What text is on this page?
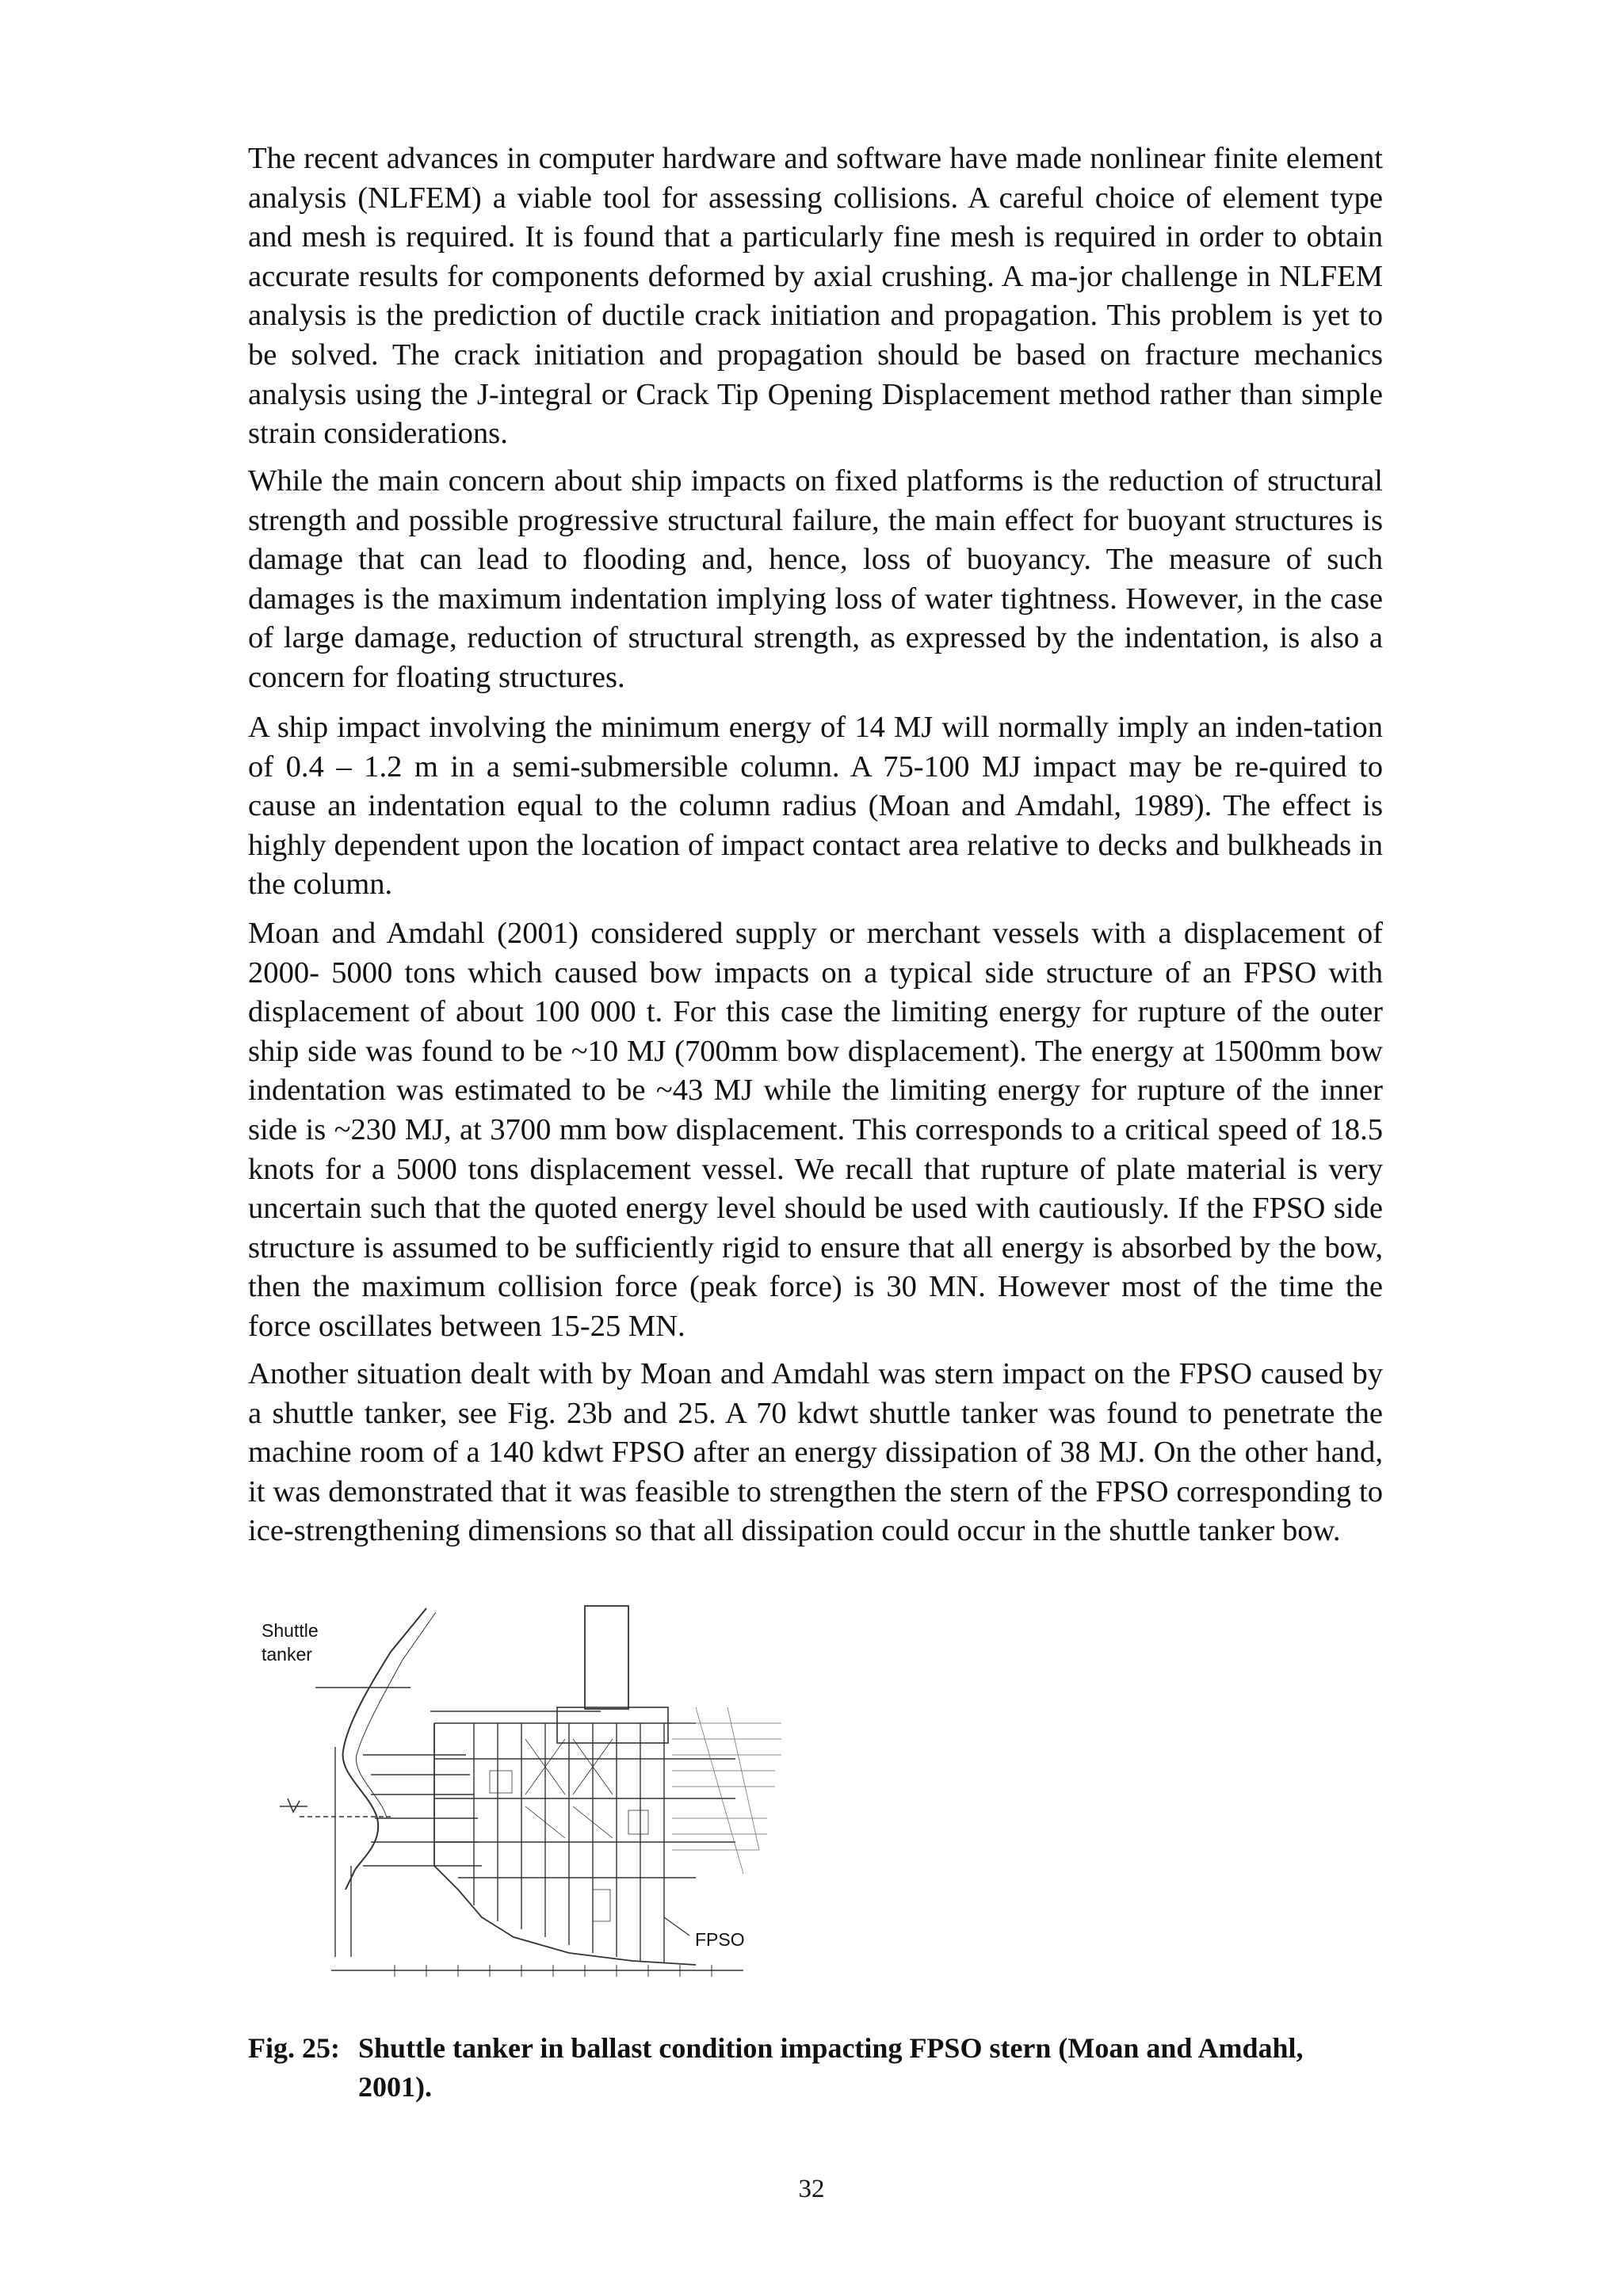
The recent advances in computer hardware and software have made nonlinear finite element analysis (NLFEM) a viable tool for assessing collisions. A careful choice of element type and mesh is required. It is found that a particularly fine mesh is required in order to obtain accurate results for components deformed by axial crushing. A ma-jor challenge in NLFEM analysis is the prediction of ductile crack initiation and propagation. This problem is yet to be solved. The crack initiation and propagation should be based on fracture mechanics analysis using the J-integral or Crack Tip Opening Displacement method rather than simple strain considerations.

While the main concern about ship impacts on fixed platforms is the reduction of structural strength and possible progressive structural failure, the main effect for buoyant structures is damage that can lead to flooding and, hence, loss of buoyancy. The measure of such damages is the maximum indentation implying loss of water tightness. However, in the case of large damage, reduction of structural strength, as expressed by the indentation, is also a concern for floating structures.

A ship impact involving the minimum energy of 14 MJ will normally imply an inden-tation of 0.4 – 1.2 m in a semi-submersible column. A 75-100 MJ impact may be re-quired to cause an indentation equal to the column radius (Moan and Amdahl, 1989). The effect is highly dependent upon the location of impact contact area relative to decks and bulkheads in the column.

Moan and Amdahl (2001) considered supply or merchant vessels with a displacement of 2000- 5000 tons which caused bow impacts on a typical side structure of an FPSO with displacement of about 100 000 t. For this case the limiting energy for rupture of the outer ship side was found to be ~10 MJ (700mm bow displacement). The energy at 1500mm bow indentation was estimated to be ~43 MJ while the limiting energy for rupture of the inner side is ~230 MJ, at 3700 mm bow displacement. This corresponds to a critical speed of 18.5 knots for a 5000 tons displacement vessel. We recall that rupture of plate material is very uncertain such that the quoted energy level should be used with cautiously. If the FPSO side structure is assumed to be sufficiently rigid to ensure that all energy is absorbed by the bow, then the maximum collision force (peak force) is 30 MN. However most of the time the force oscillates between 15-25 MN.

Another situation dealt with by Moan and Amdahl was stern impact on the FPSO caused by a shuttle tanker, see Fig. 23b and 25. A 70 kdwt shuttle tanker was found to penetrate the machine room of a 140 kdwt FPSO after an energy dissipation of 38 MJ. On the other hand, it was demonstrated that it was feasible to strengthen the stern of the FPSO corresponding to ice-strengthening dimensions so that all dissipation could occur in the shuttle tanker bow.

Shuttle tanker
FPSO
Fig. 25: Shuttle tanker in ballast condition impacting FPSO stern (Moan and Amdahl, 2001).
32
